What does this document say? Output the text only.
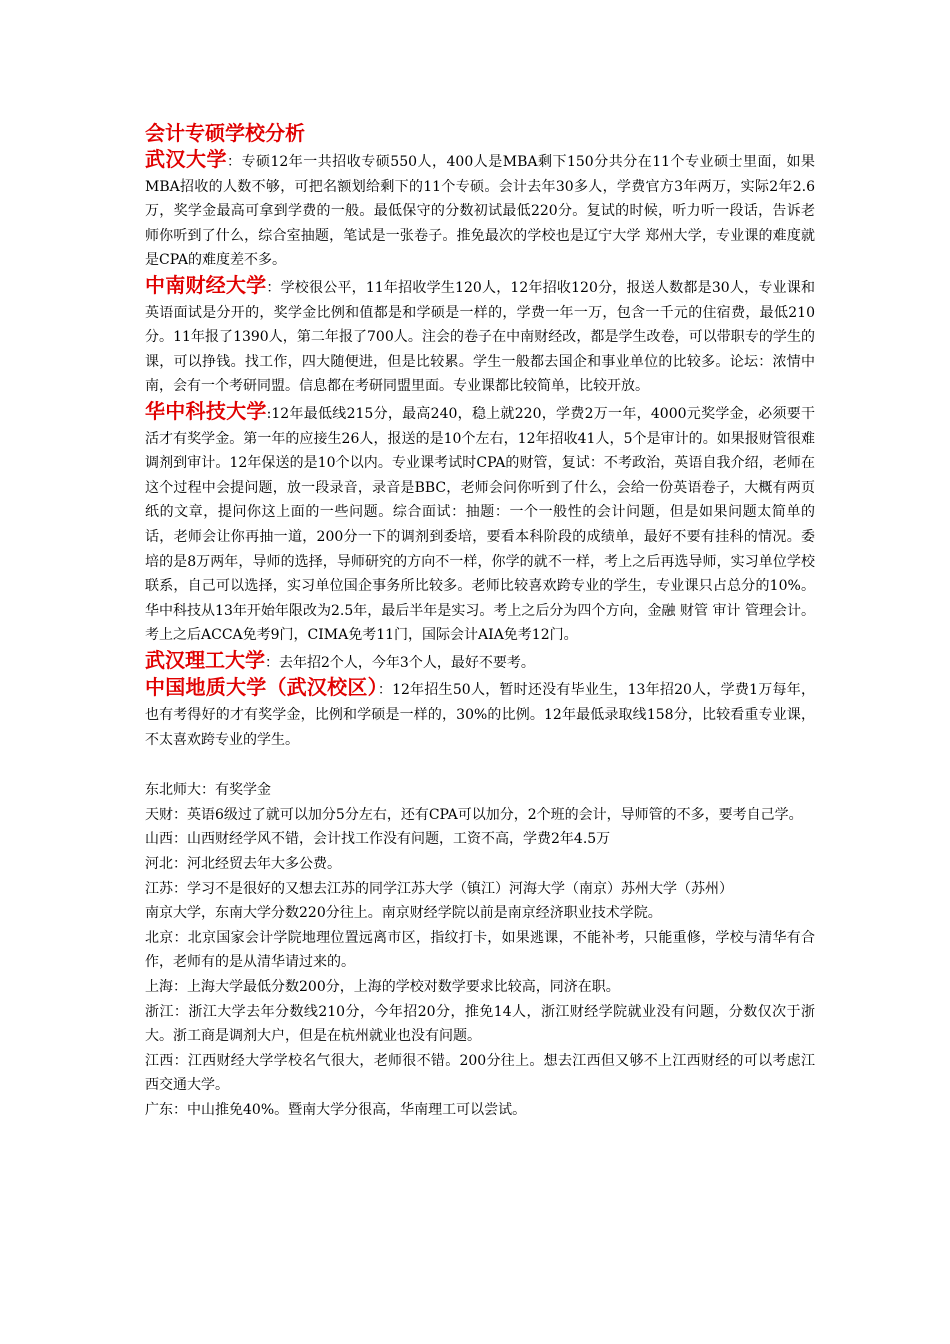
会计专硕学校分析

武汉大学：专硕12年一共招收专硕550人，400人是MBA剩下150分共分在11个专业硕士里面，如果MBA招收的人数不够，可把名额划给剩下的11个专硕。会计去年30多人，学费官方3年两万，实际2年2.6万，奖学金最高可拿到学费的一般。最低保守的分数初试最低220分。复试的时候，听力听一段话，告诉老师你听到了什么，综合室抽题，笔试是一张卷子。推免最次的学校也是辽宁大学 郑州大学，专业课的难度就是CPA的难度差不多。

中南财经大学：学校很公平，11年招收学生120人，12年招收120分，报送人数都是30人，专业课和英语面试是分开的，奖学金比例和值都是和学硕是一样的，学费一年一万，包含一千元的住宿费，最低210分。11年报了1390人，第二年报了700人。注会的卷子在中南财经改，都是学生改卷，可以带职专的学生的课，可以挣钱。找工作，四大随便进，但是比较累。学生一般都去国企和事业单位的比较多。论坛：浓情中南，会有一个考研同盟。信息都在考研同盟里面。专业课都比较简单，比较开放。

华中科技大学:12年最低线215分，最高240，稳上就220，学费2万一年，4000元奖学金，必须要干活才有奖学金。第一年的应接生26人，报送的是10个左右，12年招收41人，5个是审计的。如果报财管很难调剂到审计。12年保送的是10个以内。专业课考试时CPA的财管，复试：不考政治，英语自我介绍，老师在这个过程中会提问题，放一段录音，录音是BBC，老师会问你听到了什么，会给一份英语卷子，大概有两页纸的文章，提问你这上面的一些问题。综合面试：抽题：一个一般性的会计问题，但是如果问题太简单的话，老师会让你再抽一道，200分一下的调剂到委培，要看本科阶段的成绩单，最好不要有挂科的情况。委培的是8万两年，导师的选择，导师研究的方向不一样，你学的就不一样，考上之后再选导师，实习单位学校联系，自己可以选择，实习单位国企事务所比较多。老师比较喜欢跨专业的学生，专业课只占总分的10%。华中科技从13年开始年限改为2.5年，最后半年是实习。考上之后分为四个方向，金融 财管 审计 管理会计。考上之后ACCA免考9门，CIMA免考11门，国际会计AIA免考12门。

武汉理工大学：去年招2个人，今年3个人，最好不要考。

中国地质大学（武汉校区）：12年招生50人，暂时还没有毕业生，13年招20人，学费1万每年，也有考得好的才有奖学金，比例和学硕是一样的，30%的比例。12年最低录取线158分，比较看重专业课，不太喜欢跨专业的学生。

东北师大：有奖学金

天财：英语6级过了就可以加分5分左右，还有CPA可以加分，2个班的会计，导师管的不多，要考自己学。

山西：山西财经学风不错，会计找工作没有问题，工资不高，学费2年4.5万

河北：河北经贸去年大多公费。

江苏：学习不是很好的又想去江苏的同学江苏大学（镇江）河海大学（南京）苏州大学（苏州）

南京大学，东南大学分数220分往上。南京财经学院以前是南京经济职业技术学院。

北京：北京国家会计学院地理位置远离市区，指纹打卡，如果逃课，不能补考，只能重修，学校与清华有合作，老师有的是从清华请过来的。

上海：上海大学最低分数200分，上海的学校对数学要求比较高，同济在职。

浙江：浙江大学去年分数线210分，今年招20分，推免14人，浙江财经学院就业没有问题，分数仅次于浙大。浙工商是调剂大户，但是在杭州就业也没有问题。

江西：江西财经大学学校名气很大，老师很不错。200分往上。想去江西但又够不上江西财经的可以考虑江西交通大学。

广东：中山推免40%。暨南大学分很高，华南理工可以尝试。
